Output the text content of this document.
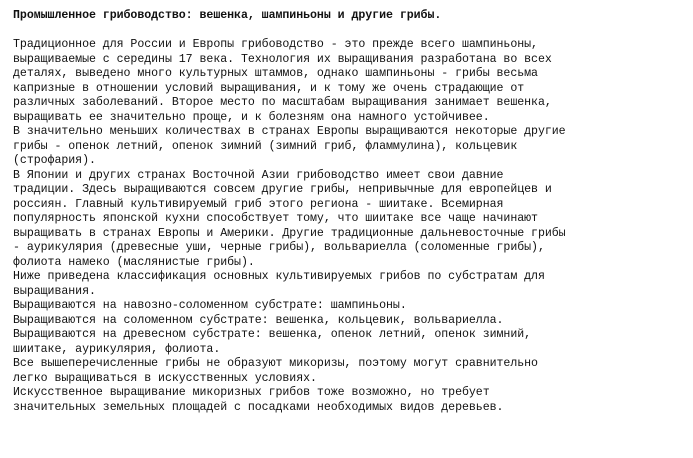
Промышленное грибоводство: вешенка, шампиньоны и другие грибы.
Традиционное для России и Европы грибоводство - это прежде всего шампиньоны,
выращиваемые с середины 17 века. Технология их выращивания разработана во всех
деталях, выведено много культурных штаммов, однако шампиньоны - грибы весьма
капризные в отношении условий выращивания, и к тому же очень страдающие от
различных заболеваний. Второе место по масштабам выращивания занимает вешенка,
выращивать ее значительно проще, и к болезням она намного устойчивее.
В значительно меньших количествах в странах Европы выращиваются некоторые другие
грибы - опенок летний, опенок зимний (зимний гриб, фламмулина), кольцевик
(строфария).
В Японии и других странах Восточной Азии грибоводство имеет свои давние
традиции. Здесь выращиваются совсем другие грибы, непривычные для европейцев и
россиян. Главный культивируемый гриб этого региона - шиитаке. Всемирная
популярность японской кухни способствует тому, что шиитаке все чаще начинают
выращивать в странах Европы и Америки. Другие традиционные дальневосточные грибы
- аурикулярия (древесные уши, черные грибы), вольвариелла (соломенные грибы),
фолиота намеко (маслянистые грибы).
Ниже приведена классификация основных культивируемых грибов по субстратам для
выращивания.
Выращиваются на навозно-соломенном субстрате: шампиньоны.
Выращиваются на соломенном субстрате: вешенка, кольцевик, вольвариелла.
Выращиваются на древесном субстрате: вешенка, опенок летний, опенок зимний,
шиитаке, аурикулярия, фолиота.
Все вышеперечисленные грибы не образуют микоризы, поэтому могут сравнительно
легко выращиваться в искусственных условиях.
Искусственное выращивание микоризных грибов тоже возможно, но требует
значительных земельных площадей с посадками необходимых видов деревьев.
